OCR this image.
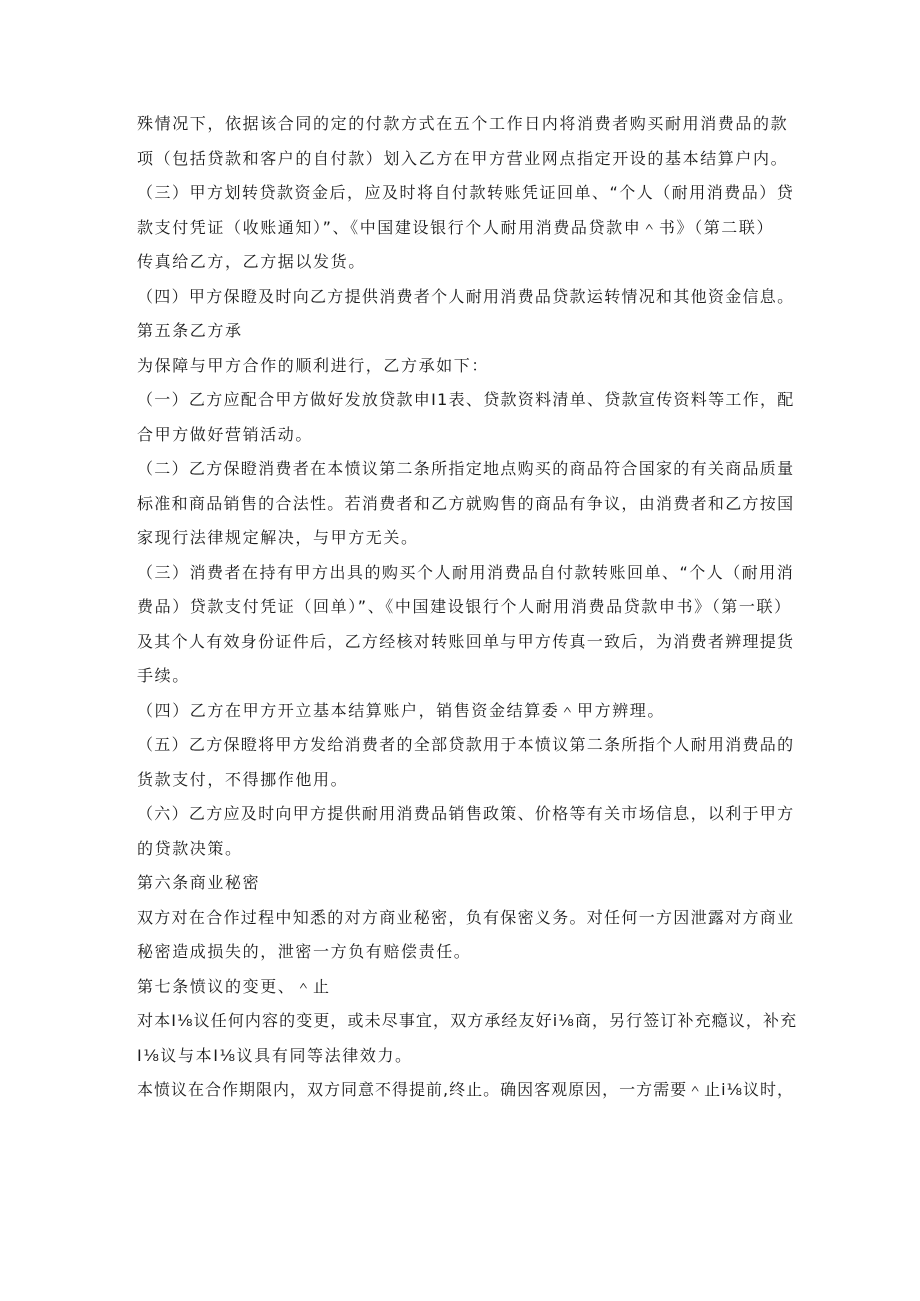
殊情况下，依据该合同的定的付款方式在五个工作日内将消费者购买耐用消费品的款
项（包括贷款和客户的自付款）划入乙方在甲方营业网点指定开设的基本结算户内。
（三）甲方划转贷款资金后，应及时将自付款转账凭证回单、“个人（耐用消费品）贷
款支付凭证（收账通知）”、《中国建设银行个人耐用消费品贷款申＾书》（第二联）
传真给乙方，乙方据以发货。
（四）甲方保瞪及时向乙方提供消费者个人耐用消费品贷款运转情况和其他资金信息。
第五条乙方承
为保障与甲方合作的顺利进行，乙方承如下：
（一）乙方应配合甲方做好发放贷款申I1表、贷款资料清单、贷款宣传资料等工作，配
合甲方做好营销活动。
（二）乙方保瞪消费者在本愤议第二条所指定地点购买的商品符合国家的有关商品质量
标准和商品销售的合法性。若消费者和乙方就购售的商品有争议，由消费者和乙方按国
家现行法律规定解决，与甲方无关。
（三）消费者在持有甲方出具的购买个人耐用消费品自付款转账回单、“个人（耐用消
费品）贷款支付凭证（回单）”、《中国建设银行个人耐用消费品贷款申书》（第一联）
及其个人有效身份证件后，乙方经核对转账回单与甲方传真一致后，为消费者辨理提货
手续。
（四）乙方在甲方开立基本结算账户，销售资金结算委＾甲方辨理。
（五）乙方保瞪将甲方发给消费者的全部贷款用于本愤议第二条所指个人耐用消费品的
货款支付，不得挪作他用。
（六）乙方应及时向甲方提供耐用消费品销售政策、价格等有关市场信息，以利于甲方
的贷款决策。
第六条商业秘密
双方对在合作过程中知悉的对方商业秘密，负有保密义务。对任何一方因泄露对方商业
秘密造成损失的，泄密一方负有赔偿责任。
第七条愤议的变更、＾止
对本I⅛议任何内容的变更，或未尽事宜，双方承经友好i⅛商，另行签订补充瘾议，补充
I⅛议与本I⅛议具有同等法律效力。
本愤议在合作期限内，双方同意不得提前,终止。确因客观原因，一方需要＾止i⅛议时，
